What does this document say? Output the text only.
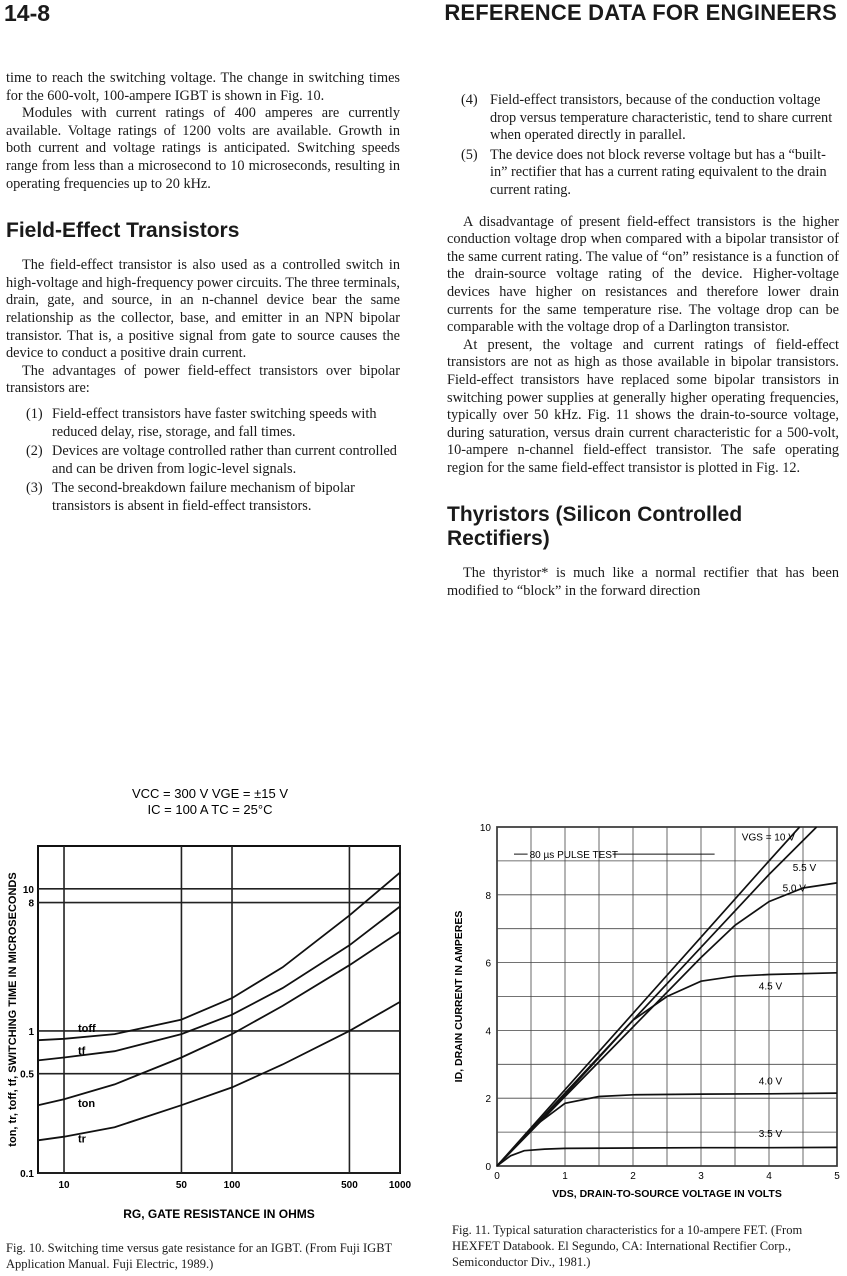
14-8	REFERENCE DATA FOR ENGINEERS

time to reach the switching voltage. The change in switching times for the 600-volt, 100-ampere IGBT is shown in Fig. 10.

Modules with current ratings of 400 amperes are currently available. Voltage ratings of 1200 volts are available. Growth in both current and voltage ratings is anticipated. Switching speeds range from less than a microsecond to 10 microseconds, resulting in operating frequencies up to 20 kHz.

Field-Effect Transistors

The field-effect transistor is also used as a controlled switch in high-voltage and high-frequency power circuits. The three terminals, drain, gate, and source, in an n-channel device bear the same relationship as the collector, base, and emitter in an NPN bipolar transistor. That is, a positive signal from gate to source causes the device to conduct a positive drain current.

The advantages of power field-effect transistors over bipolar transistors are:

(1) Field-effect transistors have faster switching speeds with reduced delay, rise, storage, and fall times.
(2) Devices are voltage controlled rather than current controlled and can be driven from logic-level signals.
(3) The second-breakdown failure mechanism of bipolar transistors is absent in field-effect transistors.
(4) Field-effect transistors, because of the conduction voltage drop versus temperature characteristic, tend to share current when operated directly in parallel.
(5) The device does not block reverse voltage but has a “built-in” rectifier that has a current rating equivalent to the drain current rating.

A disadvantage of present field-effect transistors is the higher conduction voltage drop when compared with a bipolar transistor of the same current rating. The value of “on” resistance is a function of the drain-source voltage rating of the device. Higher-voltage devices have higher on resistances and therefore lower drain currents for the same temperature rise. The voltage drop can be comparable with the voltage drop of a Darlington transistor.

At present, the voltage and current ratings of field-effect transistors are not as high as those available in bipolar transistors. Field-effect transistors have replaced some bipolar transistors in switching power supplies at generally higher operating frequencies, typically over 50 kHz. Fig. 11 shows the drain-to-source voltage, during saturation, versus drain current characteristic for a 500-volt, 10-ampere n-channel field-effect transistor. The safe operating region for the same field-effect transistor is plotted in Fig. 12.

Thyristors (Silicon Controlled Rectifiers)

The thyristor* is much like a normal rectifier that has been modified to “block” in the forward direction

VCC = 300 V VGE = ±15 V
IC = 100 A TC = 25°C
10	50	100	500	1000
0.1
0.5
1
8
10
toff
tf
ton
tr
RG, GATE RESISTANCE IN OHMS
ton, tr, toff, tf, SWITCHING TIME IN MICROSECONDS
Fig. 10. Switching time versus gate resistance for an IGBT. (From Fuji IGBT Application Manual. Fuji Electric, 1989.)
0	1	2	3	4	5
0
2
4
6
8
10
80 µs PULSE TEST
VGS = 10 V
5.5 V
5.0 V
4.5 V
4.0 V
3.5 V
VDS, DRAIN-TO-SOURCE VOLTAGE IN VOLTS
ID, DRAIN CURRENT IN AMPERES
Fig. 11. Typical saturation characteristics for a 10-ampere FET. (From HEXFET Databook. El Segundo, CA: International Rectifier Corp., Semiconductor Div., 1981.)
